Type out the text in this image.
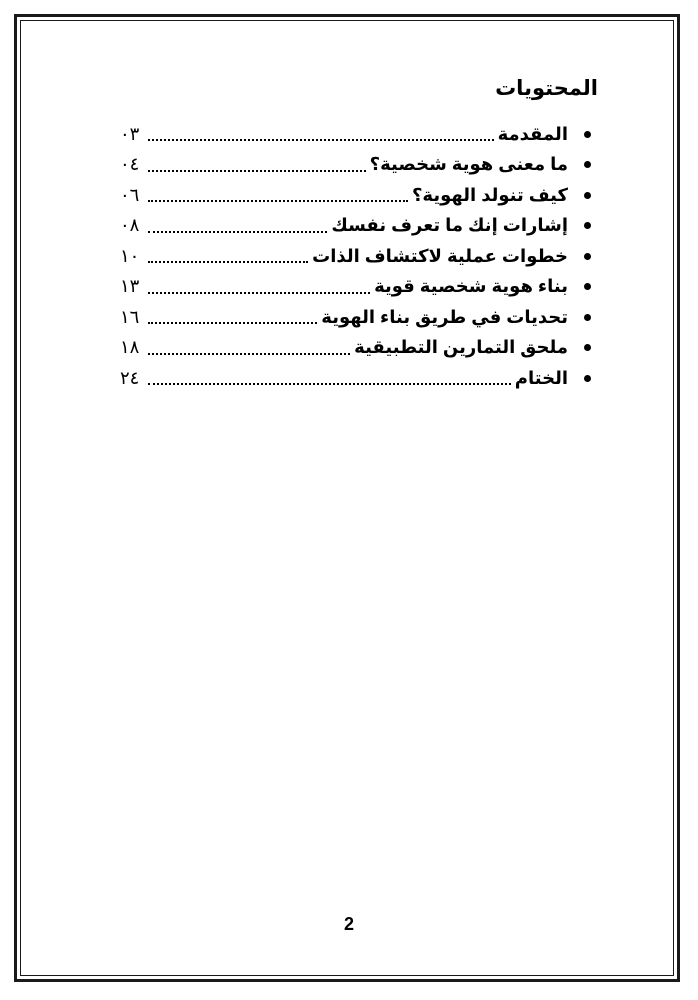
المحتويات
المقدمة
٠٣
ما معنى هوية شخصية؟
٠٤
كيف تنولد الهوية؟
٠٦
إشارات إنك ما تعرف نفسك
٠٨
خطوات عملية لاكتشاف الذات
١٠
بناء هوية شخصية قوية
١٣
تحديات في طريق بناء الهوية
١٦
ملحق التمارين التطبيقية
١٨
الختام
٢٤
2
